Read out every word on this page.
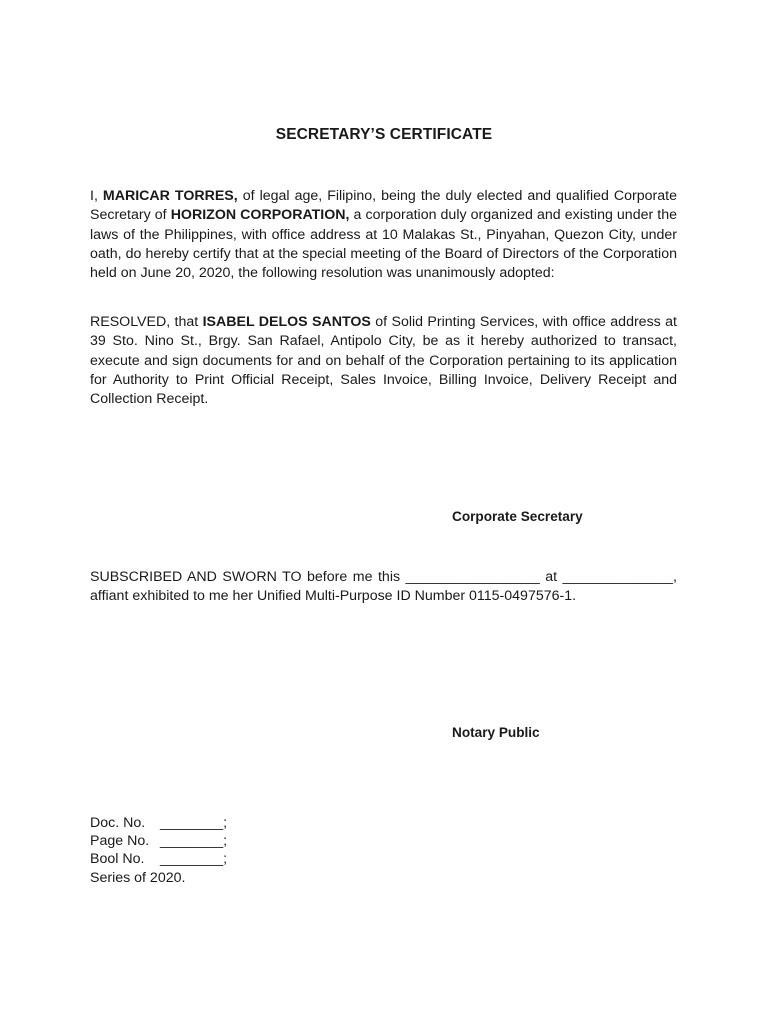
SECRETARY’S CERTIFICATE

I, MARICAR TORRES, of legal age, Filipino, being the duly elected and qualified Corporate Secretary of HORIZON CORPORATION, a corporation duly organized and existing under the laws of the Philippines, with office address at 10 Malakas St., Pinyahan, Quezon City, under oath, do hereby certify that at the special meeting of the Board of Directors of the Corporation held on June 20, 2020, the following resolution was unanimously adopted:

RESOLVED, that ISABEL DELOS SANTOS of Solid Printing Services, with office address at 39 Sto. Nino St., Brgy. San Rafael, Antipolo City, be as it hereby authorized to transact, execute and sign documents for and on behalf of the Corporation pertaining to its application for Authority to Print Official Receipt, Sales Invoice, Billing Invoice, Delivery Receipt and Collection Receipt.

Corporate Secretary

SUBSCRIBED AND SWORN TO before me this _________________ at ______________, affiant exhibited to me her Unified Multi-Purpose ID Number 0115-0497576-1.

Notary Public
Doc. No. ________;
Page No. ________;
Bool No. ________;
Series of 2020.
